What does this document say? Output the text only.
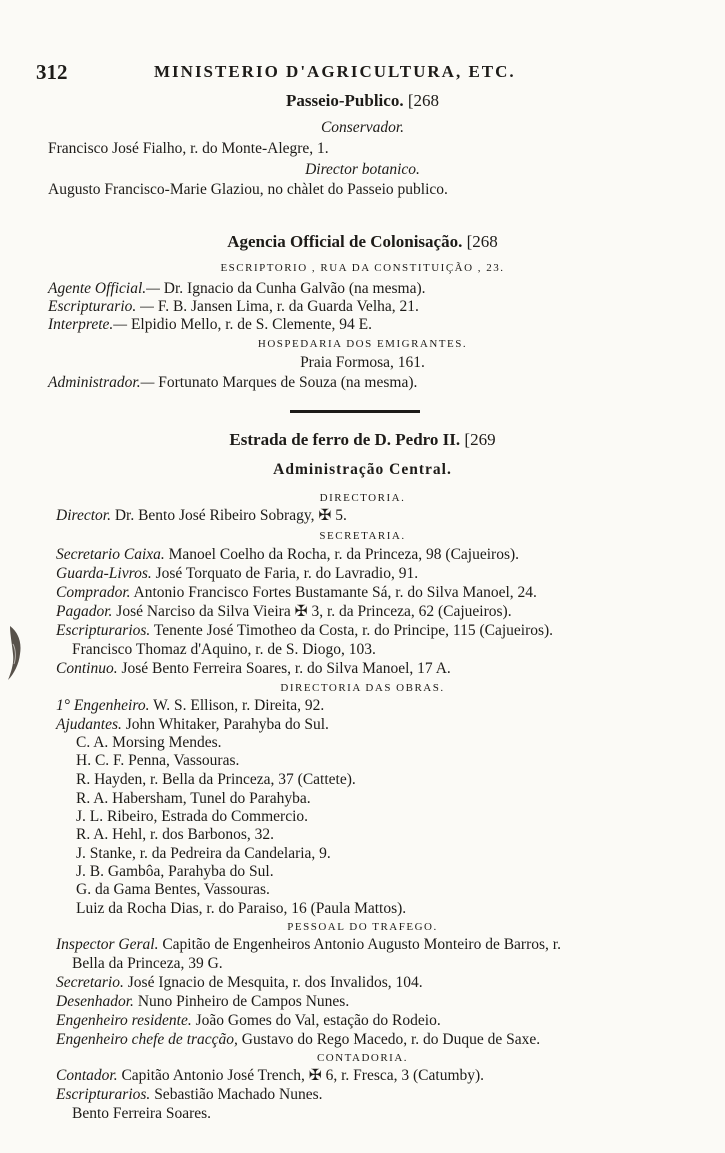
312	MINISTERIO D'AGRICULTURA, ETC.
Passeio-Publico. [268
Conservador.
Francisco José Fialho, r. do Monte-Alegre, 1.
Director botanico.
Augusto Francisco-Marie Glaziou, no chàlet do Passeio publico.
Agencia Official de Colonisação. [268
ESCRIPTORIO , RUA DA CONSTITUIÇÃO , 23.
Agente Official.— Dr. Ignacio da Cunha Galvão (na mesma).
Escripturario. — F. B. Jansen Lima, r. da Guarda Velha, 21.
Interprete.— Elpidio Mello, r. de S. Clemente, 94 E.
HOSPEDARIA DOS EMIGRANTES.
Praia Formosa, 161.
Administrador.— Fortunato Marques de Souza (na mesma).
Estrada de ferro de D. Pedro II. [269
Administração Central.
DIRECTORIA.
Director. Dr. Bento José Ribeiro Sobragy, ✠ 5.
SECRETARIA.
Secretario Caixa. Manoel Coelho da Rocha, r. da Princeza, 98 (Cajueiros).
Guarda-Livros. José Torquato de Faria, r. do Lavradio, 91.
Comprador. Antonio Francisco Fortes Bustamante Sá, r. do Silva Manoel, 24.
Pagador. José Narciso da Silva Vieira ✠ 3, r. da Princeza, 62 (Cajueiros).
Escripturarios. Tenente José Timotheo da Costa, r. do Principe, 115 (Cajueiros).
Francisco Thomaz d'Aquino, r. de S. Diogo, 103.
Continuo. José Bento Ferreira Soares, r. do Silva Manoel, 17 A.
DIRECTORIA DAS OBRAS.
1° Engenheiro. W. S. Ellison, r. Direita, 92.
Ajudantes. John Whitaker, Parahyba do Sul.
C. A. Morsing Mendes.
H. C. F. Penna, Vassouras.
R. Hayden, r. Bella da Princeza, 37 (Cattete).
R. A. Habersham, Tunel do Parahyba.
J. L. Ribeiro, Estrada do Commercio.
R. A. Hehl, r. dos Barbonos, 32.
J. Stanke, r. da Pedreira da Candelaria, 9.
J. B. Gambôa, Parahyba do Sul.
G. da Gama Bentes, Vassouras.
Luiz da Rocha Dias, r. do Paraiso, 16 (Paula Mattos).
PESSOAL DO TRAFEGO.
Inspector Geral. Capitão de Engenheiros Antonio Augusto Monteiro de Barros, r.
Bella da Princeza, 39 G.
Secretario. José Ignacio de Mesquita, r. dos Invalidos, 104.
Desenhador. Nuno Pinheiro de Campos Nunes.
Engenheiro residente. João Gomes do Val, estação do Rodeio.
Engenheiro chefe de tracção, Gustavo do Rego Macedo, r. do Duque de Saxe.
CONTADORIA.
Contador. Capitão Antonio José Trench, ✠ 6, r. Fresca, 3 (Catumby).
Escripturarios. Sebastião Machado Nunes.
Bento Ferreira Soares.
